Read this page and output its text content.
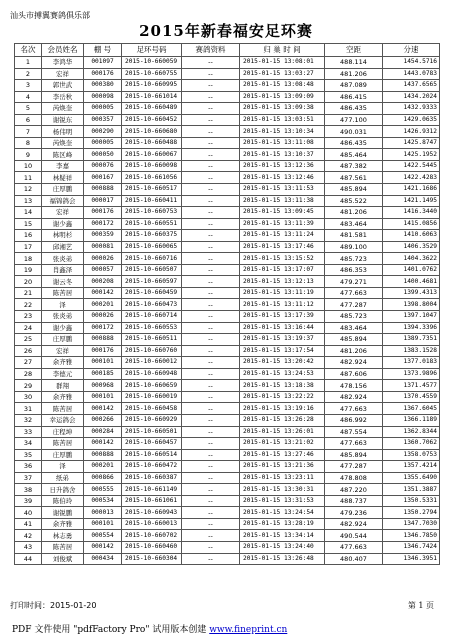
汕头市搏翼赛鸽俱乐部
2015年新春福安足环赛
名次	会员姓名	棚 号	足环号码	赛鸽资料	归 巢 时 间	空距	分速
1	李鸿华	001097	2015-10-660059	--	2015-01-15 13:08:01	488.114	1454.5716
2	宏祥	000176	2015-10-660755	--	2015-01-15 13:03:27	481.206	1443.0783
3	郭世武	000380	2015-10-660995	--	2015-01-15 13:08:48	487.089	1437.6565
4	李岳秋	000098	2015-10-661014	--	2015-01-15 13:09:09	486.415	1434.2024
5	芮焕奎	000005	2015-10-660489	--	2015-01-15 13:09:38	486.435	1432.9333
6	谢锐东	000357	2015-10-660452	--	2015-01-15 13:03:51	477.100	1429.0635
7	杨伟明	000290	2015-10-660680	--	2015-01-15 13:10:34	490.031	1426.9312
8	芮焕奎	000005	2015-10-660488	--	2015-01-15 13:11:08	486.435	1425.8747
9	陈区峰	000050	2015-10-660067	--	2015-01-15 13:10:37	485.464	1425.1952
10	李嘉	000076	2015-10-660098	--	2015-01-15 13:12:36	487.382	1422.5445
11	林疑祥	000167	2015-10-661056	--	2015-01-15 13:12:46	487.561	1422.4283
12	庄厚鹏	000888	2015-10-660517	--	2015-01-15 13:11:53	485.894	1421.1686
13	福锦鸽会	000017	2015-10-660411	--	2015-01-15 13:11:38	485.522	1421.1495
14	宏祥	000176	2015-10-660753	--	2015-01-15 13:09:45	481.206	1416.3440
15	谢少鑫	000172	2015-10-660551	--	2015-01-15 13:11:39	483.464	1415.0856
16	林明杉	000359	2015-10-660375	--	2015-01-15 13:11:24	481.581	1410.6063
17	邱湘艺	000081	2015-10-660065	--	2015-01-15 13:17:46	489.100	1406.3529
18	张炎弟	000026	2015-10-660716	--	2015-01-15 13:15:52	485.723	1404.3622
19	肖鑫泽	000057	2015-10-660507	--	2015-01-15 13:17:07	486.353	1401.0762
20	谢云冬	000208	2015-10-660597	--	2015-01-15 13:12:13	479.271	1400.4681
21	陈苦居	000142	2015-10-660459	--	2015-01-15 13:11:19	477.663	1399.4313
22	泽	000201	2015-10-660473	--	2015-01-15 13:11:12	477.287	1398.8004
23	张炎弟	000026	2015-10-660714	--	2015-01-15 13:17:39	485.723	1397.1047
24	谢少鑫	000172	2015-10-660553	--	2015-01-15 13:16:44	483.464	1394.3396
25	庄厚鹏	000888	2015-10-660511	--	2015-01-15 13:19:37	485.894	1389.7351
26	宏祥	000176	2015-10-660760	--	2015-01-15 13:17:54	481.206	1383.1528
27	余齐雅	000101	2015-10-660012	--	2015-01-15 13:20:42	482.924	1377.0183
28	李德元	000185	2015-10-660948	--	2015-01-15 13:24:53	487.606	1373.9896
29	群翔	000968	2015-10-660659	--	2015-01-15 13:18:38	478.156	1371.4577
30	余齐雅	000101	2015-10-660019	--	2015-01-15 13:22:22	482.924	1370.4559
31	陈苦居	000142	2015-10-660458	--	2015-01-15 13:19:16	477.663	1367.6045
32	幸运鸽会	000266	2015-10-660929	--	2015-01-15 13:26:28	486.992	1366.1189
33	庄程坤	000284	2015-10-660501	--	2015-01-15 13:26:01	487.554	1362.8344
34	陈苦居	000142	2015-10-660457	--	2015-01-15 13:21:02	477.663	1360.7062
35	庄厚鹏	000888	2015-10-660514	--	2015-01-15 13:27:46	485.894	1358.0753
36	泽	000201	2015-10-660472	--	2015-01-15 13:21:36	477.287	1357.4214
37	纸弟	000866	2015-10-660387	--	2015-01-15 13:23:11	478.808	1355.6490
38	日升鸽舍	000555	2015-10-661149	--	2015-01-15 13:30:31	487.220	1351.3887
39	陈伯玲	000534	2015-10-661061	--	2015-01-15 13:31:53	488.737	1350.5331
40	谢锐鹏	000013	2015-10-660943	--	2015-01-15 13:24:54	479.236	1350.2794
41	余齐雅	000101	2015-10-660013	--	2015-01-15 13:28:19	482.924	1347.7030
42	林志勇	000554	2015-10-660702	--	2015-01-15 13:34:14	490.544	1346.7850
43	陈苦居	000142	2015-10-660460	--	2015-01-15 13:24:40	477.663	1346.7424
44	刘俊斌	000434	2015-10-660304	--	2015-01-15 13:26:48	480.407	1346.3951
打印时间：2015-01-20	第 1 页
PDF 文件使用 "pdfFactory Pro" 试用版本创建 www.fineprint.cn
